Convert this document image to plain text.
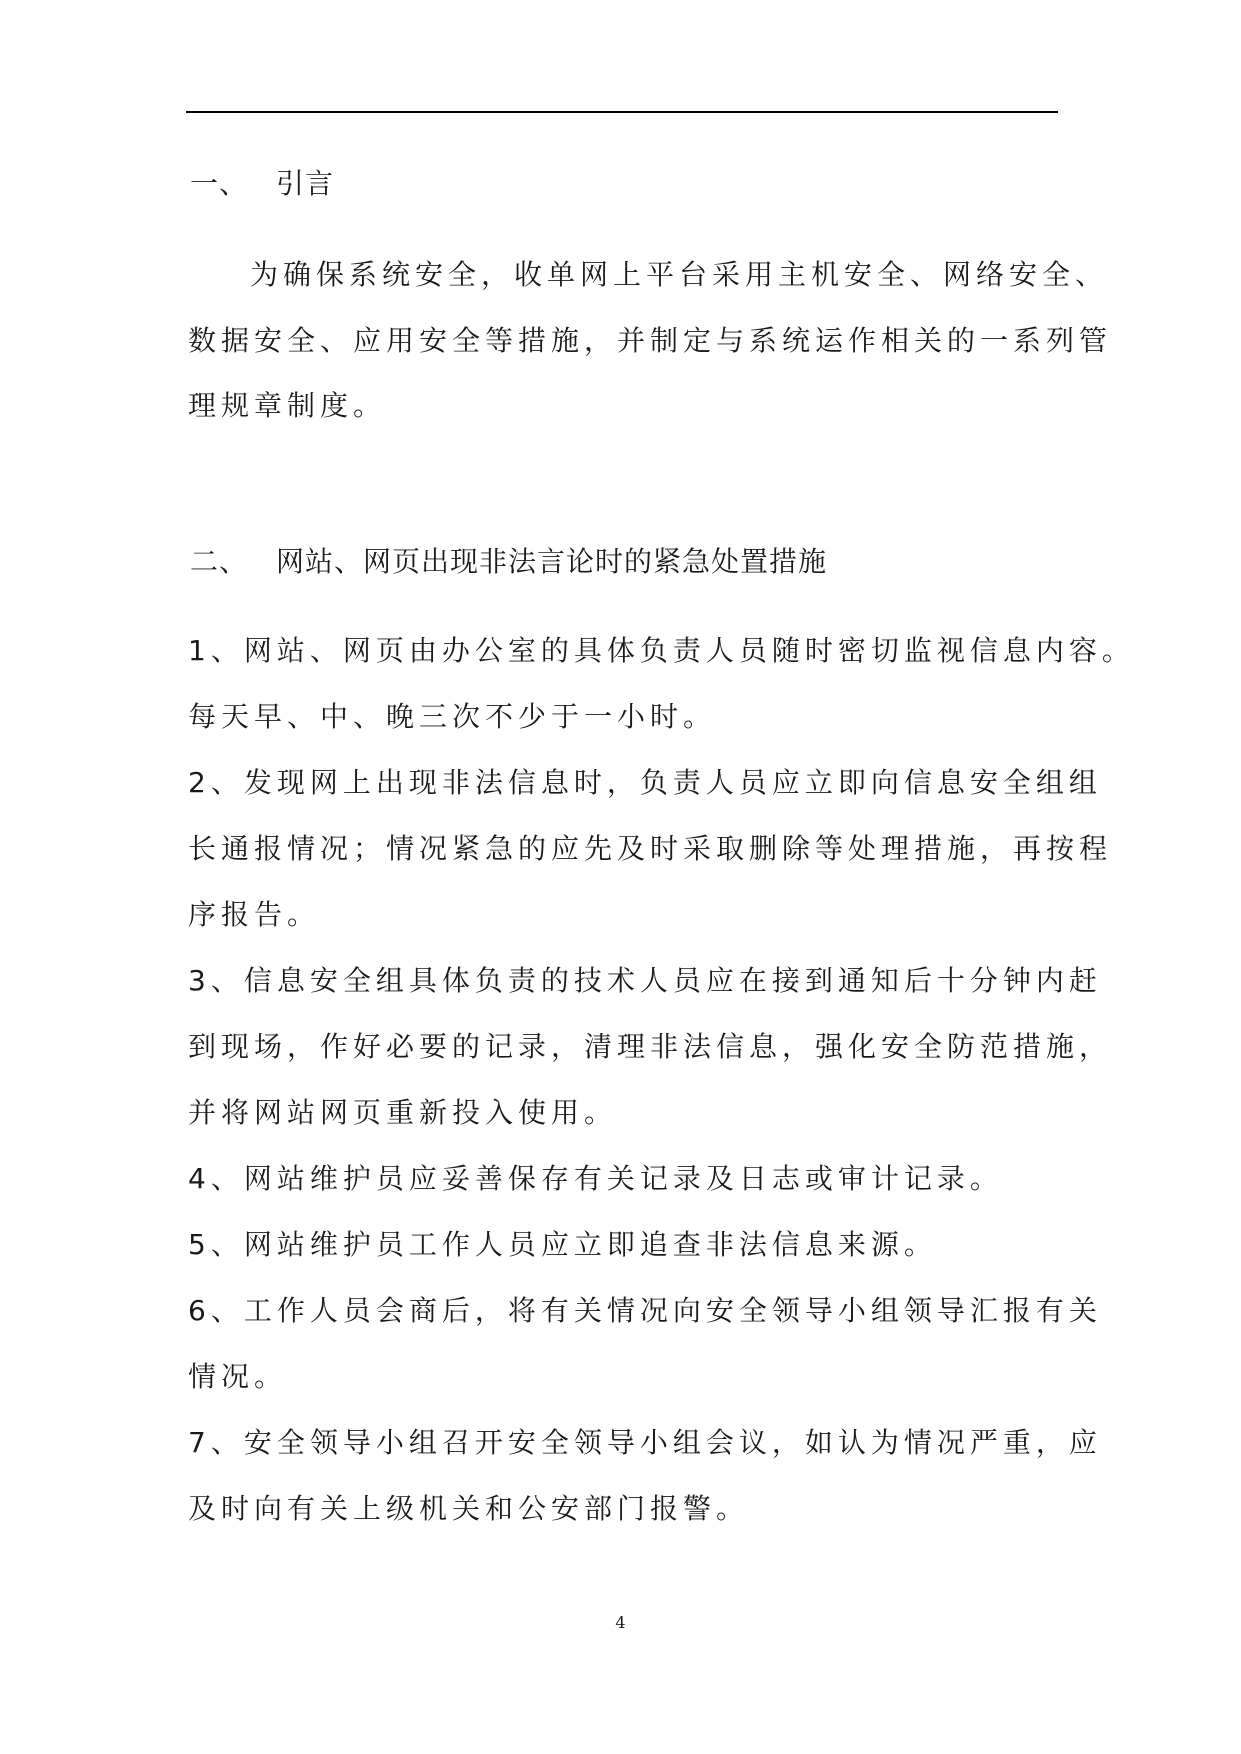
一、 引言
为确保系统安全，收单网上平台采用主机安全、网络安全、
数据安全、应用安全等措施，并制定与系统运作相关的一系列管
理规章制度。
二、 网站、网页出现非法言论时的紧急处置措施
1、网站、网页由办公室的具体负责人员随时密切监视信息内容。
每天早、中、晚三次不少于一小时。
2、发现网上出现非法信息时，负责人员应立即向信息安全组组
长通报情况；情况紧急的应先及时采取删除等处理措施，再按程
序报告。
3、信息安全组具体负责的技术人员应在接到通知后十分钟内赶
到现场，作好必要的记录，清理非法信息，强化安全防范措施，
并将网站网页重新投入使用。
4、网站维护员应妥善保存有关记录及日志或审计记录。
5、网站维护员工作人员应立即追查非法信息来源。
6、工作人员会商后，将有关情况向安全领导小组领导汇报有关
情况。
7、安全领导小组召开安全领导小组会议，如认为情况严重，应
及时向有关上级机关和公安部门报警。
4
